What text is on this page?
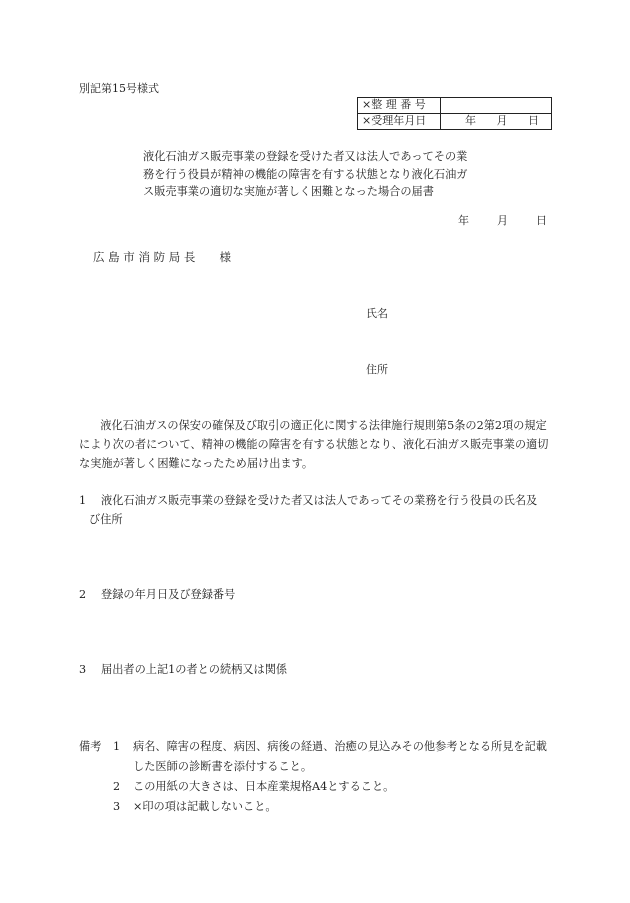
別記第15号様式
×整 理 番 号	
×受理年月日	年 月 日
液化石油ガス販売事業の登録を受けた者又は法人であってその業
務を行う役員が精神の機能の障害を有する状態となり液化石油ガ
ス販売事業の適切な実施が著しく困難となった場合の届書
年	月	日
広 島 市 消 防 局 長 様
氏名
住所
液化石油ガスの保安の確保及び取引の適正化に関する法律施行規則第5条の2第2項の規定により次の者について、精神の機能の障害を有する状態となり、液化石油ガス販売事業の適切な実施が著しく困難になったため届け出ます。
1 液化石油ガス販売事業の登録を受けた者又は法人であってその業務を行う役員の氏名及
び住所
2 登録の年月日及び登録番号
3 届出者の上記1の者との続柄又は関係
備考	1	病名、障害の程度、病因、病後の経過、治癒の見込みその他参考となる所見を記載した医師の診断書を添付すること。
2	この用紙の大きさは、日本産業規格A4とすること。
3	×印の項は記載しないこと。
